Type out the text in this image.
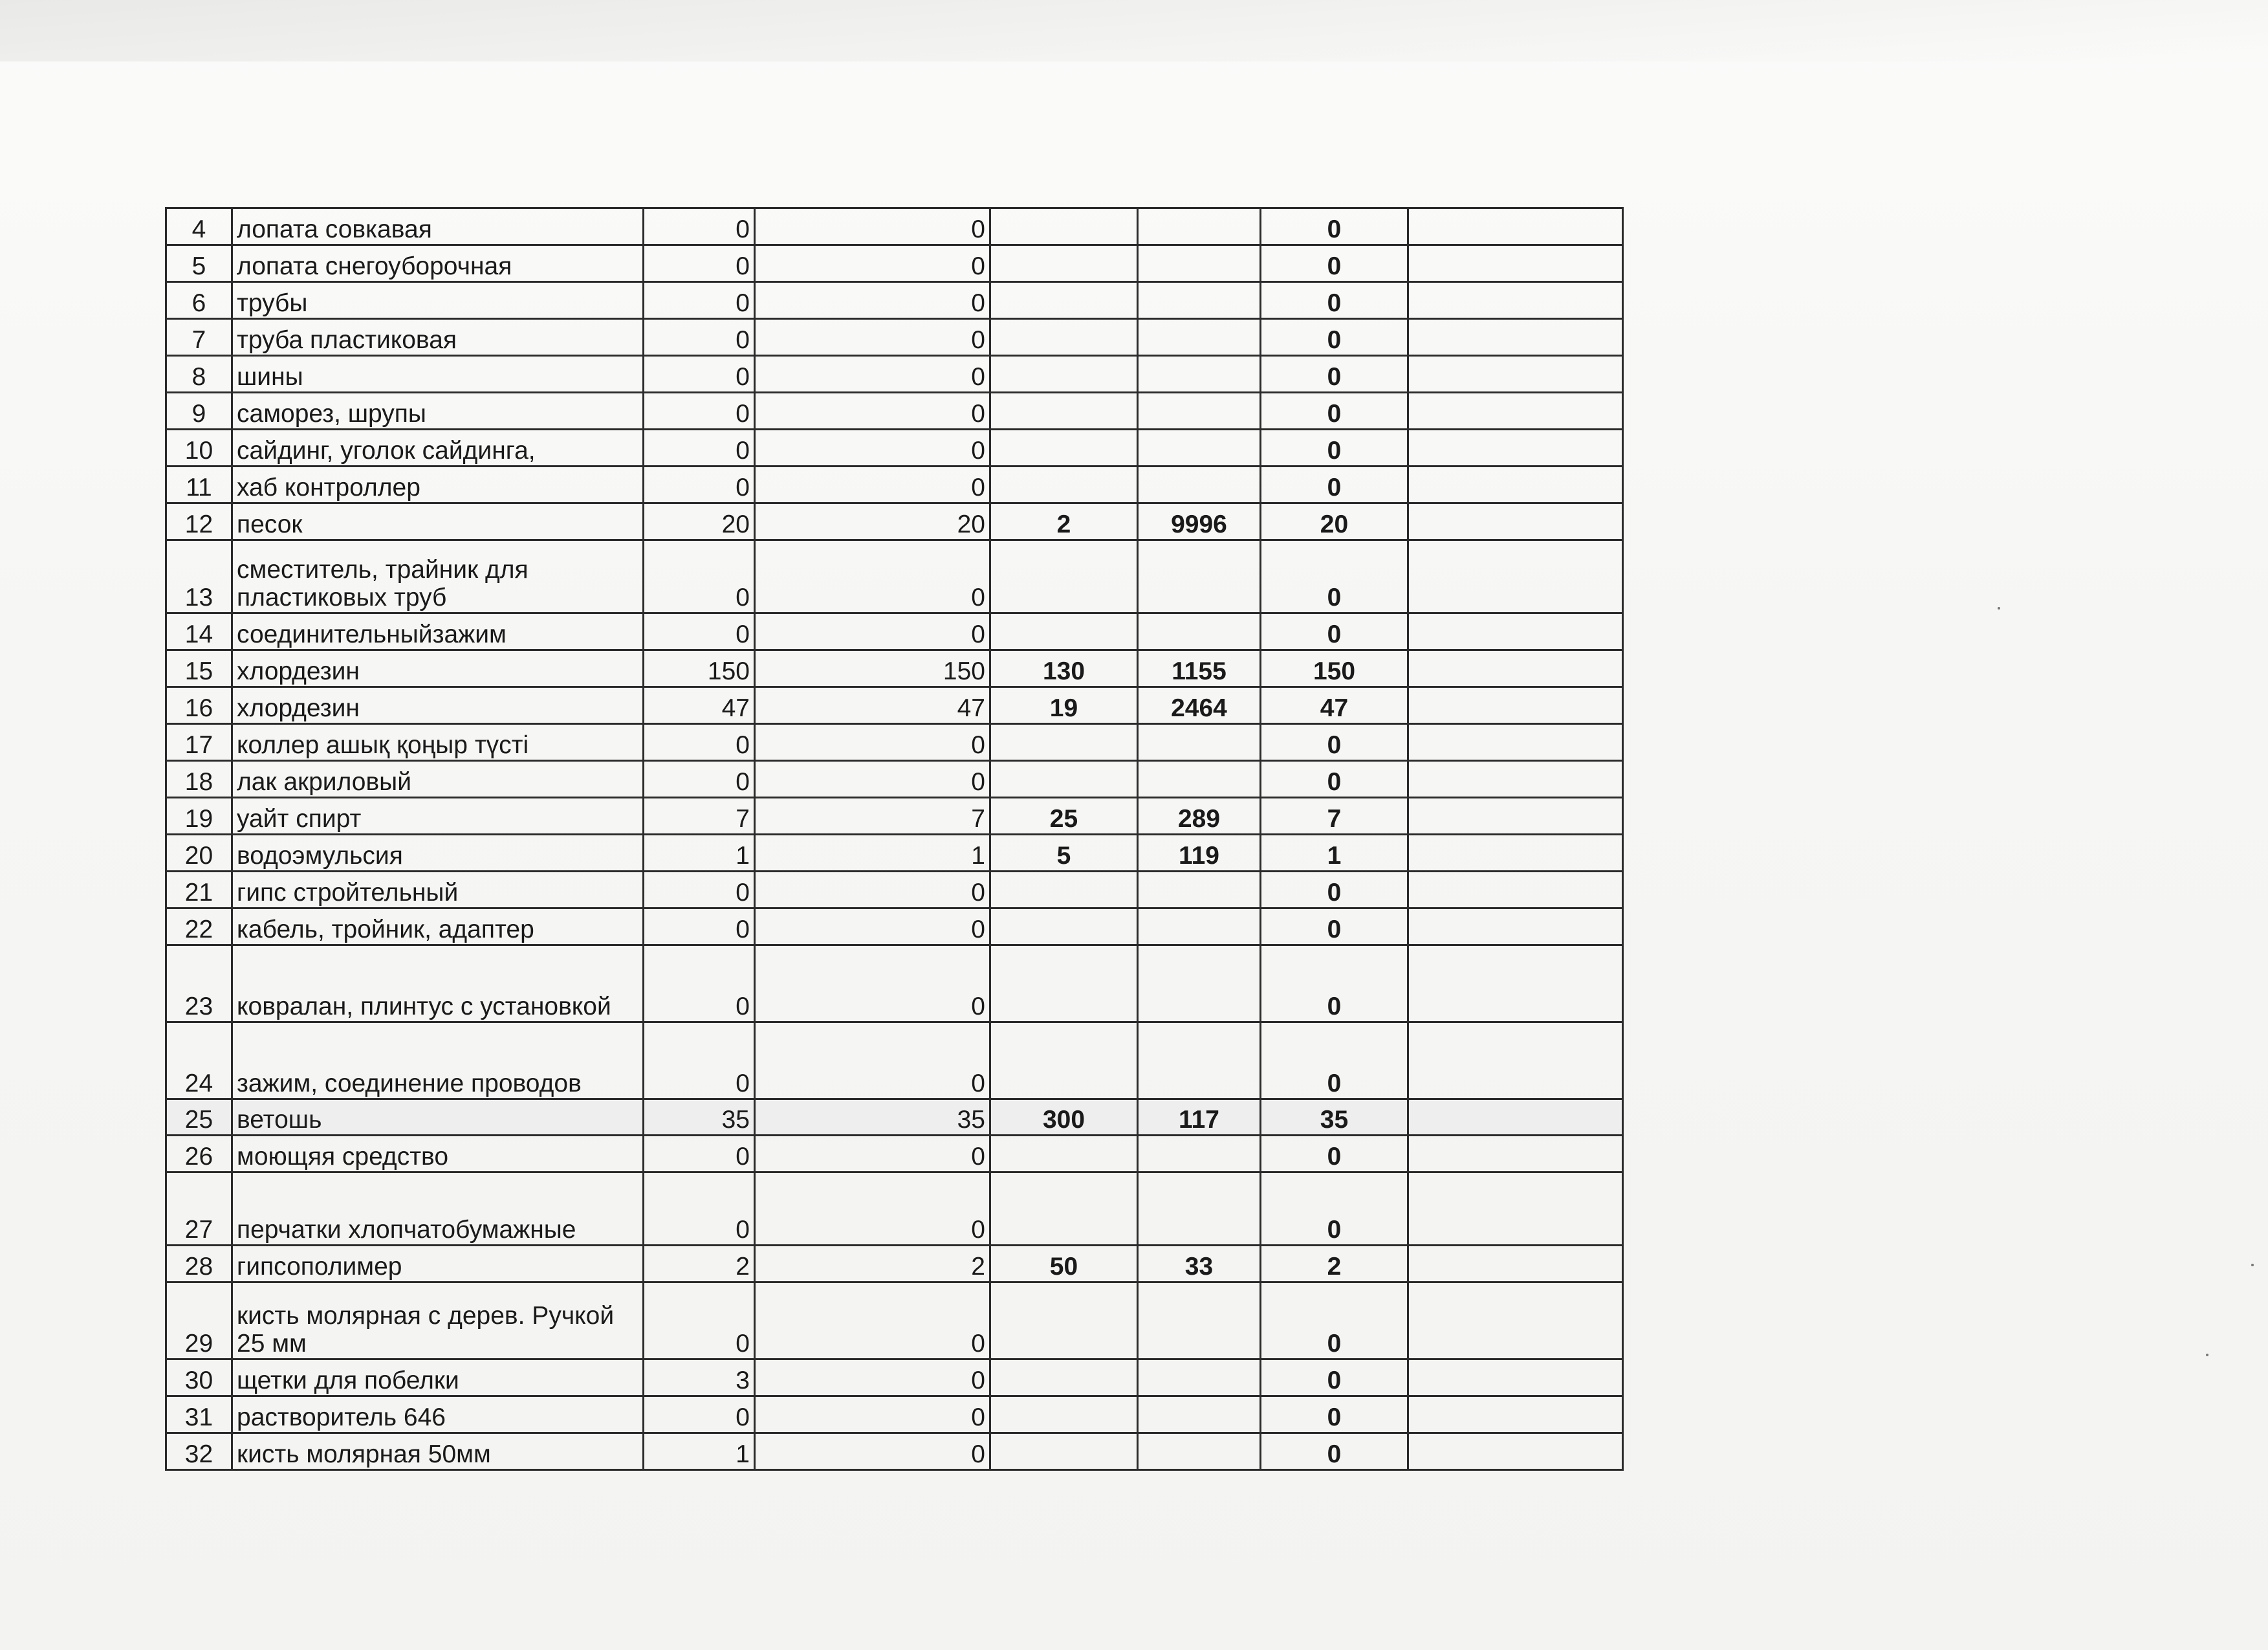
4	лопата совкавая	0	0			0	
5	лопата снегоуборочная	0	0			0	
6	трубы	0	0			0	
7	труба пластиковая	0	0			0	
8	шины	0	0			0	
9	саморез, шрупы	0	0			0	
10	сайдинг, уголок сайдинга,	0	0			0	
11	хаб контроллер	0	0			0	
12	песок	20	20	2	9996	20	
13	сместитель, трайник для пластиковых труб	0	0			0	
14	соединительныйзажим	0	0			0	
15	хлордезин	150	150	130	1155	150	
16	хлордезин	47	47	19	2464	47	
17	коллер ашық қоңыр түсті	0	0			0	
18	лак акриловый	0	0			0	
19	уайт спирт	7	7	25	289	7	
20	водоэмульсия	1	1	5	119	1	
21	гипс стройтельный	0	0			0	
22	кабель, тройник, адаптер	0	0			0	
23	ковралан, плинтус с установкой	0	0			0	
24	зажим, соединение проводов	0	0			0	
25	ветошь	35	35	300	117	35	
26	моющяя средство	0	0			0	
27	перчатки хлопчатобумажные	0	0			0	
28	гипсополимер	2	2	50	33	2	
29	кисть молярная с дерев. Ручкой 25 мм	0	0			0	
30	щетки для побелки	3	0			0	
31	растворитель 646	0	0			0	
32	кисть молярная 50мм	1	0			0	
